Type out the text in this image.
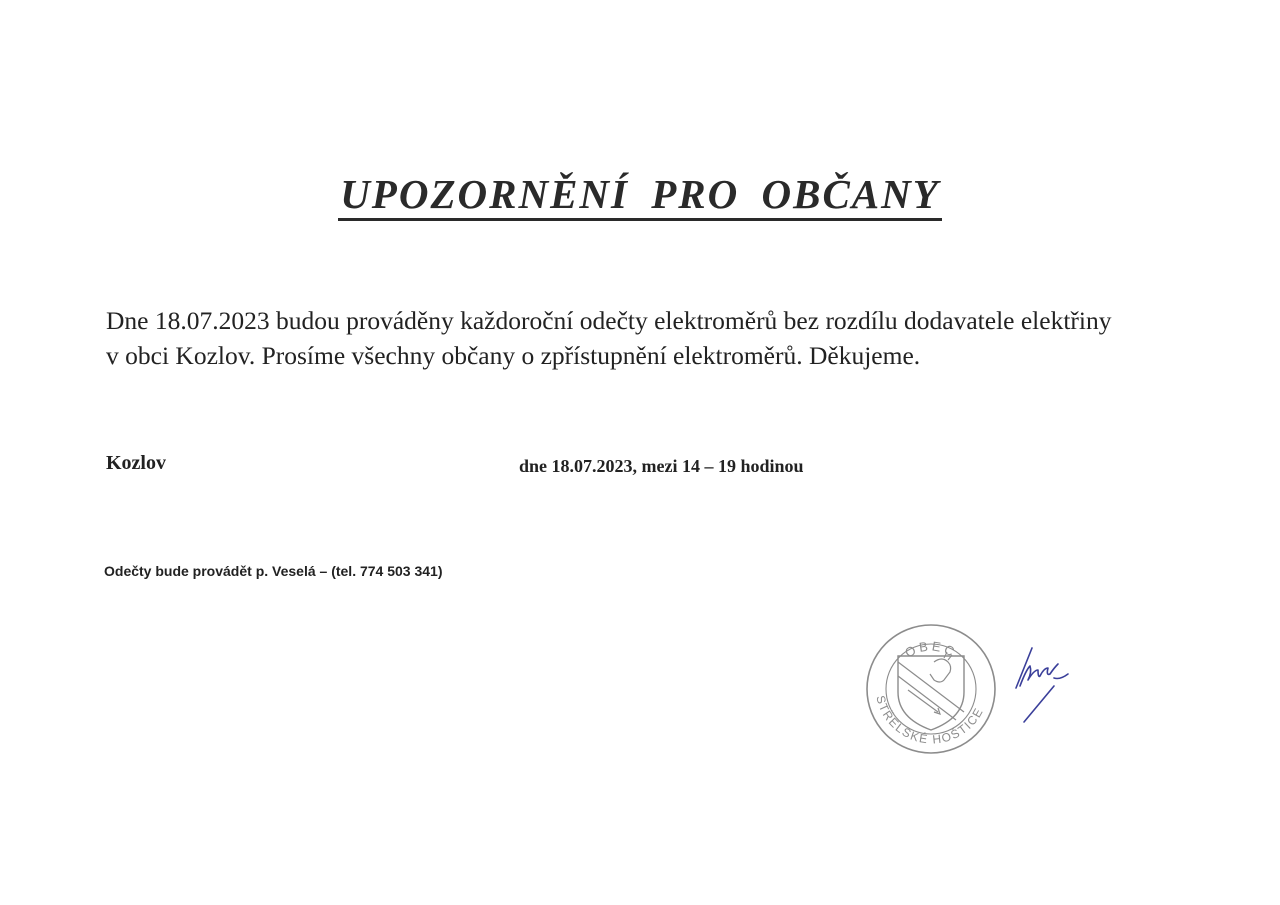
UPOZORNĚNÍ PRO OBČANY

Dne 18.07.2023 budou prováděny každoroční odečty elektroměrů bez rozdílu dodavatele elektřiny
v obci Kozlov. Prosíme všechny občany o zpřístupnění elektroměrů. Děkujeme.

Kozlov	dne 18.07.2023, mezi 14 – 19 hodinou

Odečty bude provádět p. Veselá – (tel. 774 503 341)

OBEC
STŘELSKÉ HOŠTICE
